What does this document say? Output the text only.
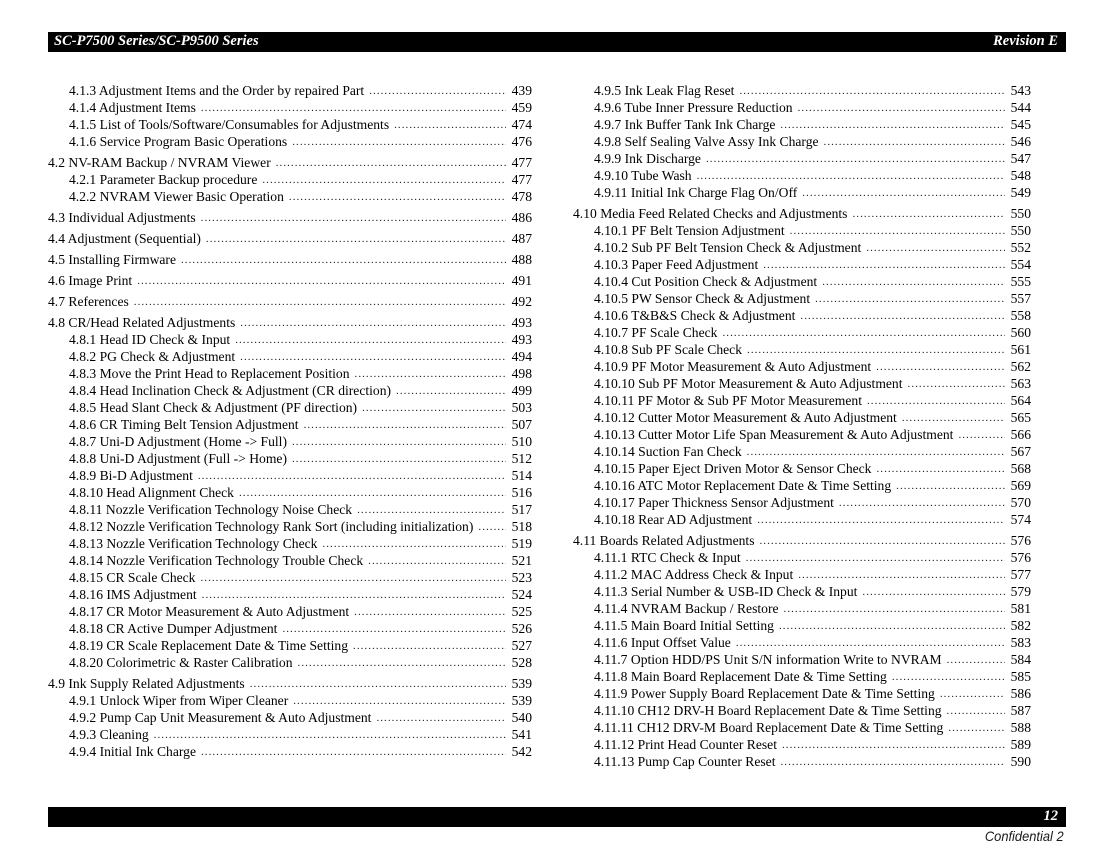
SC-P7500 Series/SC-P9500 Series	Revision E
4.1.3 Adjustment Items and the Order by repaired Part .....	439
4.1.4 Adjustment Items .....	459
4.1.5 List of Tools/Software/Consumables for Adjustments .....	474
4.1.6 Service Program Basic Operations .....	476
4.2 NV-RAM Backup / NVRAM Viewer .....	477
4.2.1 Parameter Backup procedure .....	477
4.2.2 NVRAM Viewer Basic Operation .....	478
4.3 Individual Adjustments .....	486
4.4 Adjustment (Sequential) .....	487
4.5 Installing Firmware .....	488
4.6 Image Print .....	491
4.7 References .....	492
4.8 CR/Head Related Adjustments .....	493
4.8.1 Head ID Check & Input .....	493
4.8.2 PG Check & Adjustment .....	494
4.8.3 Move the Print Head to Replacement Position .....	498
4.8.4 Head Inclination Check & Adjustment (CR direction) .....	499
4.8.5 Head Slant Check & Adjustment (PF direction) .....	503
4.8.6 CR Timing Belt Tension Adjustment .....	507
4.8.7 Uni-D Adjustment (Home -> Full) .....	510
4.8.8 Uni-D Adjustment (Full -> Home) .....	512
4.8.9 Bi-D Adjustment .....	514
4.8.10 Head Alignment Check .....	516
4.8.11 Nozzle Verification Technology Noise Check .....	517
4.8.12 Nozzle Verification Technology Rank Sort (including initialization) .....	518
4.8.13 Nozzle Verification Technology Check .....	519
4.8.14 Nozzle Verification Technology Trouble Check .....	521
4.8.15 CR Scale Check .....	523
4.8.16 IMS Adjustment .....	524
4.8.17 CR Motor Measurement & Auto Adjustment .....	525
4.8.18 CR Active Dumper Adjustment .....	526
4.8.19 CR Scale Replacement Date & Time Setting .....	527
4.8.20 Colorimetric & Raster Calibration .....	528
4.9 Ink Supply Related Adjustments .....	539
4.9.1 Unlock Wiper from Wiper Cleaner .....	539
4.9.2 Pump Cap Unit Measurement & Auto Adjustment .....	540
4.9.3 Cleaning .....	541
4.9.4 Initial Ink Charge .....	542
4.9.5 Ink Leak Flag Reset .....	543
4.9.6 Tube Inner Pressure Reduction .....	544
4.9.7 Ink Buffer Tank Ink Charge .....	545
4.9.8 Self Sealing Valve Assy Ink Charge .....	546
4.9.9 Ink Discharge .....	547
4.9.10 Tube Wash .....	548
4.9.11 Initial Ink Charge Flag On/Off .....	549
4.10 Media Feed Related Checks and Adjustments .....	550
4.10.1 PF Belt Tension Adjustment .....	550
4.10.2 Sub PF Belt Tension Check & Adjustment .....	552
4.10.3 Paper Feed Adjustment .....	554
4.10.4 Cut Position Check & Adjustment .....	555
4.10.5 PW Sensor Check & Adjustment .....	557
4.10.6 T&B&S Check & Adjustment .....	558
4.10.7 PF Scale Check .....	560
4.10.8 Sub PF Scale Check .....	561
4.10.9 PF Motor Measurement & Auto Adjustment .....	562
4.10.10 Sub PF Motor Measurement & Auto Adjustment .....	563
4.10.11 PF Motor & Sub PF Motor Measurement .....	564
4.10.12 Cutter Motor Measurement & Auto Adjustment .....	565
4.10.13 Cutter Motor Life Span Measurement & Auto Adjustment .....	566
4.10.14 Suction Fan Check .....	567
4.10.15 Paper Eject Driven Motor & Sensor Check .....	568
4.10.16 ATC Motor Replacement Date & Time Setting .....	569
4.10.17 Paper Thickness Sensor Adjustment .....	570
4.10.18 Rear AD Adjustment .....	574
4.11 Boards Related Adjustments .....	576
4.11.1 RTC Check & Input .....	576
4.11.2 MAC Address Check & Input .....	577
4.11.3 Serial Number & USB-ID Check & Input .....	579
4.11.4 NVRAM Backup / Restore .....	581
4.11.5 Main Board Initial Setting .....	582
4.11.6 Input Offset Value .....	583
4.11.7 Option HDD/PS Unit S/N information Write to NVRAM .....	584
4.11.8 Main Board Replacement Date & Time Setting .....	585
4.11.9 Power Supply Board Replacement Date & Time Setting .....	586
4.11.10 CH12 DRV-H Board Replacement Date & Time Setting .....	587
4.11.11 CH12 DRV-M Board Replacement Date & Time Setting .....	588
4.11.12 Print Head Counter Reset .....	589
4.11.13 Pump Cap Counter Reset .....	590
12
Confidential 2
